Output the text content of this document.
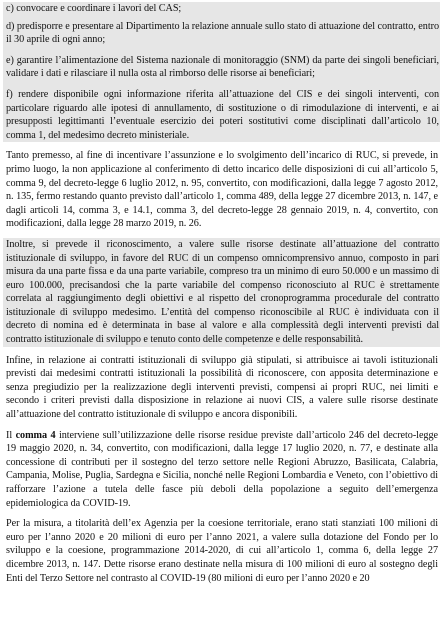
c) convocare e coordinare i lavori del CAS;

d) predisporre e presentare al Dipartimento la relazione annuale sullo stato di attuazione del contratto, entro il 30 aprile di ogni anno;

e) garantire l’alimentazione del Sistema nazionale di monitoraggio (SNM) da parte dei singoli beneficiari, validare i dati e rilasciare il nulla osta al rimborso delle risorse ai beneficiari;

f) rendere disponibile ogni informazione riferita all’attuazione del CIS e dei singoli interventi, con particolare riguardo alle ipotesi di annullamento, di sostituzione o di rimodulazione di interventi, e ai presupposti legittimanti l’eventuale esercizio dei poteri sostitutivi come disciplinati dall’articolo 10, comma 1, del medesimo decreto ministeriale.

Tanto premesso, al fine di incentivare l’assunzione e lo svolgimento dell’incarico di RUC, si prevede, in primo luogo, la non applicazione al conferimento di detto incarico delle disposizioni di cui all’articolo 5, comma 9, del decreto-legge 6 luglio 2012, n. 95, convertito, con modificazioni, dalla legge 7 agosto 2012, n. 135, fermo restando quanto previsto dall’articolo 1, comma 489, della legge 27 dicembre 2013, n. 147, e dagli articoli 14, comma 3, e 14.1, comma 3, del decreto-legge 28 gennaio 2019, n. 4, convertito, con modificazioni, dalla legge 28 marzo 2019, n. 26.

Inoltre, si prevede il riconoscimento, a valere sulle risorse destinate all’attuazione del contratto istituzionale di sviluppo, in favore del RUC di un compenso omnicomprensivo annuo, composto in pari misura da una parte fissa e da una parte variabile, compreso tra un minimo di euro 50.000 e un massimo di euro 100.000, precisandosi che la parte variabile del compenso riconosciuto al RUC è strettamente correlata al raggiungimento degli obiettivi e al rispetto del cronoprogramma procedurale del contratto istituzionale di sviluppo medesimo. L’entità del compenso riconoscibile al RUC è individuata con il decreto di nomina ed è determinata in base al valore e alla complessità degli interventi previsti dal contratto istituzionale di sviluppo e tenuto conto delle competenze e delle responsabilità.

Infine, in relazione ai contratti istituzionali di sviluppo già stipulati, si attribuisce ai tavoli istituzionali previsti dai medesimi contratti istituzionali la possibilità di riconoscere, con apposita determinazione e senza pregiudizio per la realizzazione degli interventi previsti, compensi ai propri RUC, nei limiti e secondo i criteri previsti dalla disposizione in relazione ai nuovi CIS, a valere sulle risorse destinate all’attuazione del contratto istituzionale di sviluppo e ancora disponibili.

Il comma 4 interviene sull’utilizzazione delle risorse residue previste dall’articolo 246 del decreto-legge 19 maggio 2020, n. 34, convertito, con modificazioni, dalla legge 17 luglio 2020, n. 77, e destinate alla concessione di contributi per il sostegno del terzo settore nelle Regioni Abruzzo, Basilicata, Calabria, Campania, Molise, Puglia, Sardegna e Sicilia, nonché nelle Regioni Lombardia e Veneto, con l’obiettivo di rafforzare l’azione a tutela delle fasce più deboli della popolazione a seguito dell’emergenza epidemiologica da COVID-19.

Per la misura, a titolarità dell’ex Agenzia per la coesione territoriale, erano stati stanziati 100 milioni di euro per l’anno 2020 e 20 milioni di euro per l’anno 2021, a valere sulla dotazione del Fondo per lo sviluppo e la coesione, programmazione 2014-2020, di cui all’articolo 1, comma 6, della legge 27 dicembre 2013, n. 147. Dette risorse erano destinate nella misura di 100 milioni di euro al sostegno degli Enti del Terzo Settore nel contrasto al COVID-19 (80 milioni di euro per l’anno 2020 e 20
